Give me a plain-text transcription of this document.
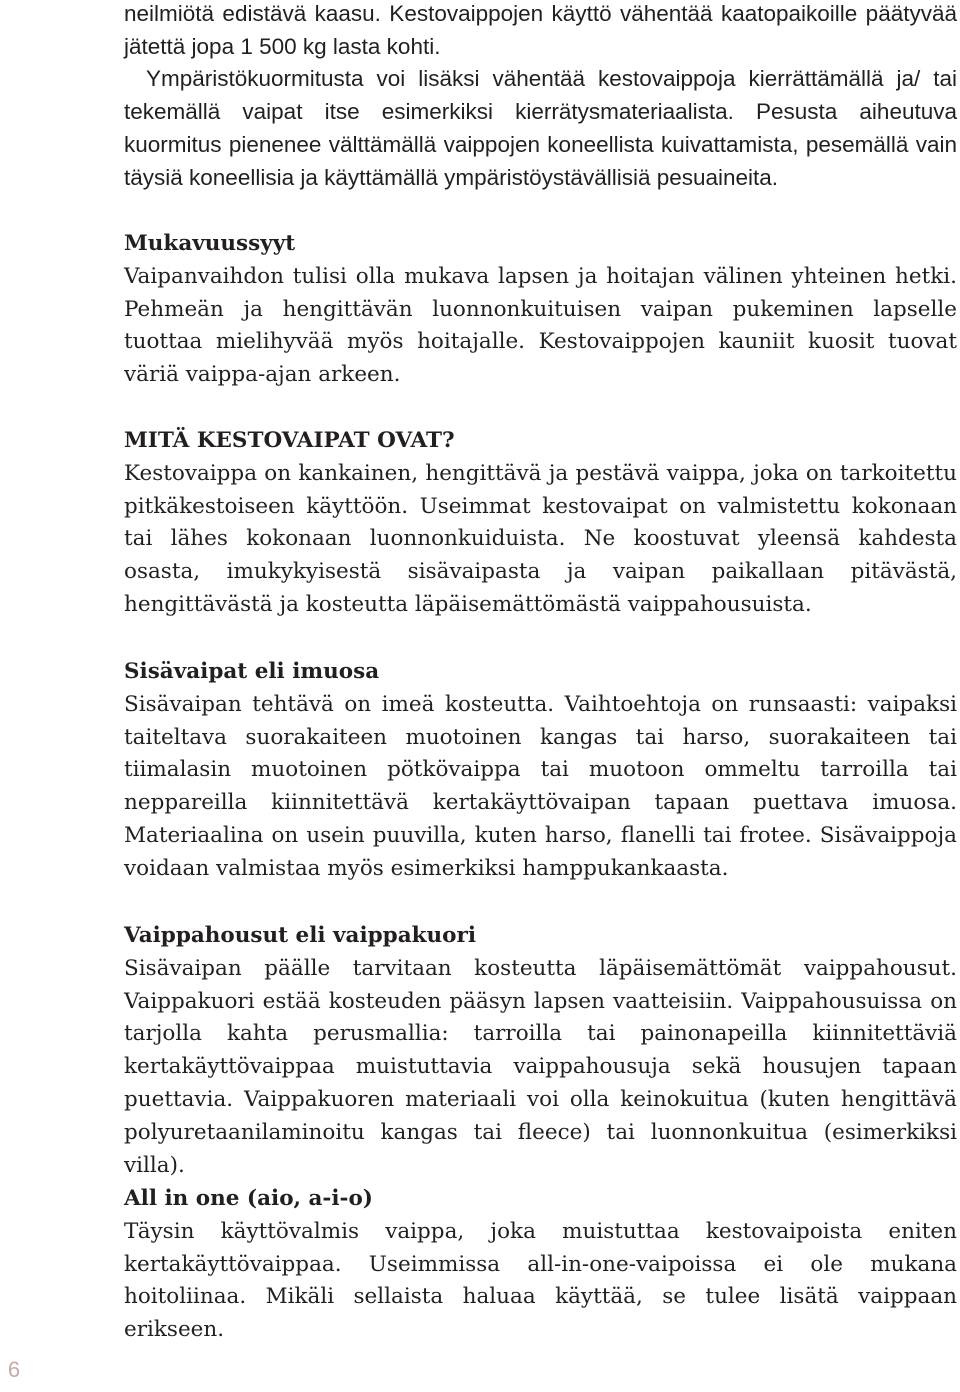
neilmiötä edistävä kaasu. Kestovaippojen käyttö vähentää kaatopaikoille päätyvää jätettä jopa 1 500 kg lasta kohti.

Ympäristökuormitusta voi lisäksi vähentää kestovaippoja kierrättämällä ja/ tai tekemällä vaipat itse esimerkiksi kierrätysmateriaalista. Pesusta aiheutuva kuormitus pienenee välttämällä vaippojen koneellista kuivattamista, pesemällä vain täysiä koneellisia ja käyttämällä ympäristöystävällisiä pesuaineita.

Mukavuussyyt

Vaipanvaihdon tulisi olla mukava lapsen ja hoitajan välinen yhteinen hetki. Pehmeän ja hengittävän luonnonkuituisen vaipan pukeminen lapselle tuottaa mielihyvää myös hoitajalle. Kestovaippojen kauniit kuosit tuovat väriä vaippa-ajan arkeen.

MITÄ KESTOVAIPAT OVAT?

Kestovaippa on kankainen, hengittävä ja pestävä vaippa, joka on tarkoitettu pitkäkestoiseen käyttöön. Useimmat kestovaipat on valmistettu kokonaan tai lähes kokonaan luonnonkuiduista. Ne koostuvat yleensä kahdesta osasta, imukykyisestä sisävaipasta ja vaipan paikallaan pitävästä, hengittävästä ja kosteutta läpäisemättömästä vaippahousuista.

Sisävaipat eli imuosa

Sisävaipan tehtävä on imeä kosteutta. Vaihtoehtoja on runsaasti: vaipaksi taiteltava suorakaiteen muotoinen kangas tai harso, suorakaiteen tai tiimalasin muotoinen pötkövaippa tai muotoon ommeltu tarroilla tai neppareilla kiinnitettävä kertakäyttövaipan tapaan puettava imuosa. Materiaalina on usein puuvilla, kuten harso, flanelli tai frotee. Sisävaippoja voidaan valmistaa myös esimerkiksi hamppukankaasta.

Vaippahousut eli vaippakuori

Sisävaipan päälle tarvitaan kosteutta läpäisemättömät vaippahousut. Vaippakuori estää kosteuden pääsyn lapsen vaatteisiin. Vaippahousuissa on tarjolla kahta perusmallia: tarroilla tai painonapeilla kiinnitettäviä kertakäyttövaippaa muistuttavia vaippahousuja sekä housujen tapaan puettavia. Vaippakuoren materiaali voi olla keinokuitua (kuten hengittävä polyuretaanilaminoitu kangas tai fleece) tai luonnonkuitua (esimerkiksi villa).

All in one (aio, a-i-o)

Täysin käyttövalmis vaippa, joka muistuttaa kestovaipoista eniten kertakäyttövaippaa. Useimmissa all-in-one-vaipoissa ei ole mukana hoitoliinaa. Mikäli sellaista haluaa käyttää, se tulee lisätä vaippaan erikseen.

6
